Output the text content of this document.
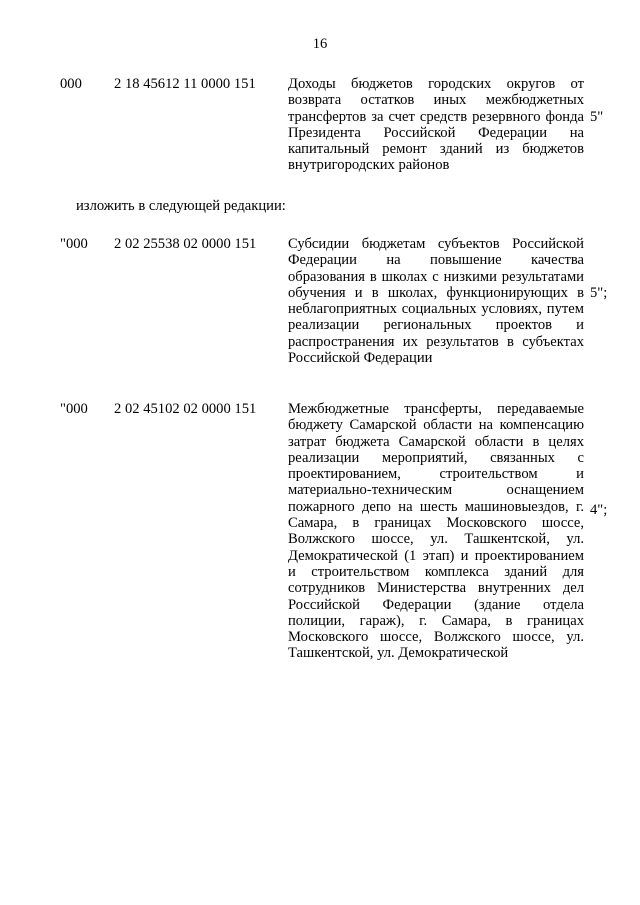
16
000 2 18 45612 11 0000 151 Доходы бюджетов городских округов от возврата остатков иных межбюджетных трансфертов за счет средств резервного фонда Президента Российской Федерации на капитальный ремонт зданий из бюджетов внутригородских районов
5"
изложить в следующей редакции:
"000 2 02 25538 02 0000 151 Субсидии бюджетам субъектов Российской Федерации на повышение качества образования в школах с низкими результатами обучения и в школах, функционирующих в неблагоприятных социальных условиях, путем реализации региональных проектов и распространения их результатов в субъектах Российской Федерации
5";
"000 2 02 45102 02 0000 151 Межбюджетные трансферты, передаваемые бюджету Самарской области на компенсацию затрат бюджета Самарской области в целях реализации мероприятий, связанных с проектированием, строительством и материально-техническим оснащением пожарного депо на шесть машиновыездов, г. Самара, в границах Московского шоссе, Волжского шоссе, ул. Ташкентской, ул. Демократической (1 этап) и проектированием и строительством комплекса зданий для сотрудников Министерства внутренних дел Российской Федерации (здание отдела полиции, гараж), г. Самара, в границах Московского шоссе, Волжского шоссе, ул. Ташкентской, ул. Демократической
4";
